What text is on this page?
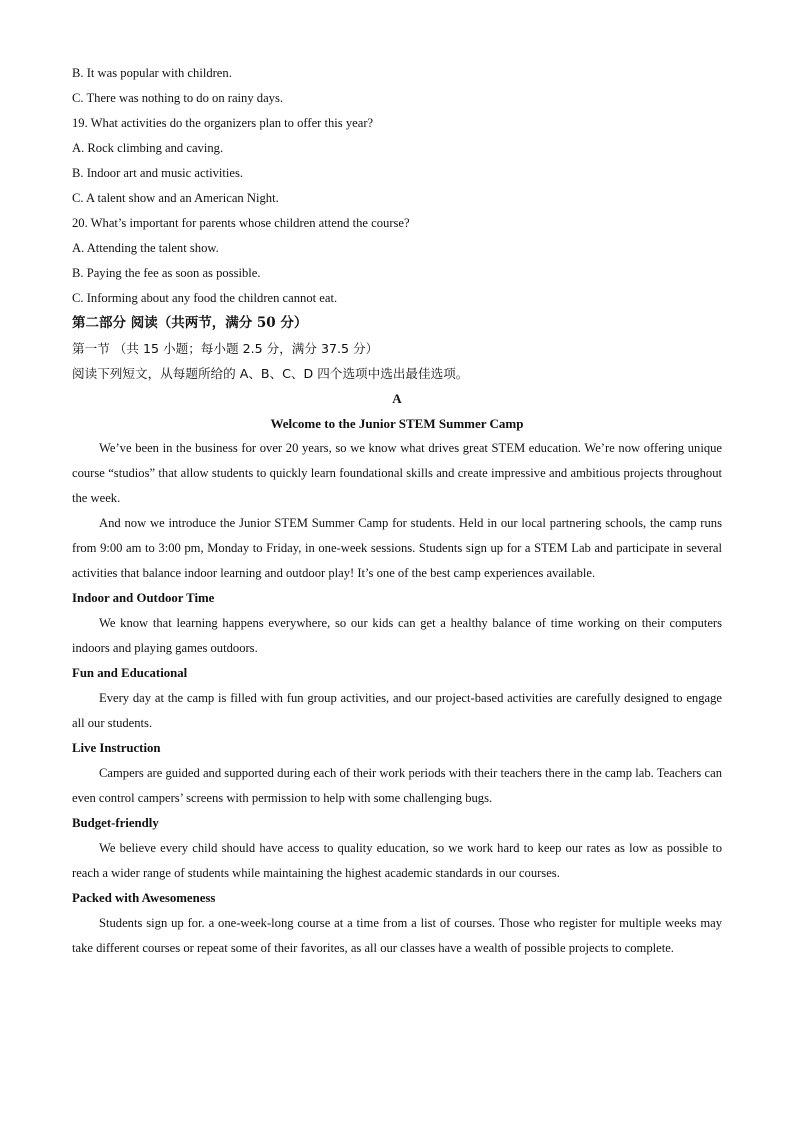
B. It was popular with children.
C. There was nothing to do on rainy days.
19. What activities do the organizers plan to offer this year?
A. Rock climbing and caving.
B. Indoor art and music activities.
C. A talent show and an American Night.
20. What’s important for parents whose children attend the course?
A. Attending the talent show.
B. Paying the fee as soon as possible.
C. Informing about any food the children cannot eat.
第二部分 阅读（共两节，满分 50 分）
第一节 （共 15 小题；每小题 2.5 分，满分 37.5 分）
阅读下列短文，从每题所给的 A、B、C、D 四个选项中选出最佳选项。
A
Welcome to the Junior STEM Summer Camp

We’ve been in the business for over 20 years, so we know what drives great STEM education. We’re now offering unique course “studios” that allow students to quickly learn foundational skills and create impressive and ambitious projects throughout the week.

And now we introduce the Junior STEM Summer Camp for students. Held in our local partnering schools, the camp runs from 9:00 am to 3:00 pm, Monday to Friday, in one-week sessions. Students sign up for a STEM Lab and participate in several activities that balance indoor learning and outdoor play! It’s one of the best camp experiences available.

Indoor and Outdoor Time

We know that learning happens everywhere, so our kids can get a healthy balance of time working on their computers indoors and playing games outdoors.

Fun and Educational

Every day at the camp is filled with fun group activities, and our project-based activities are carefully designed to engage all our students.

Live Instruction

Campers are guided and supported during each of their work periods with their teachers there in the camp lab. Teachers can even control campers’ screens with permission to help with some challenging bugs.

Budget-friendly

We believe every child should have access to quality education, so we work hard to keep our rates as low as possible to reach a wider range of students while maintaining the highest academic standards in our courses.

Packed with Awesomeness

Students sign up for. a one-week-long course at a time from a list of courses. Those who register for multiple weeks may take different courses or repeat some of their favorites, as all our classes have a wealth of possible projects to complete.
